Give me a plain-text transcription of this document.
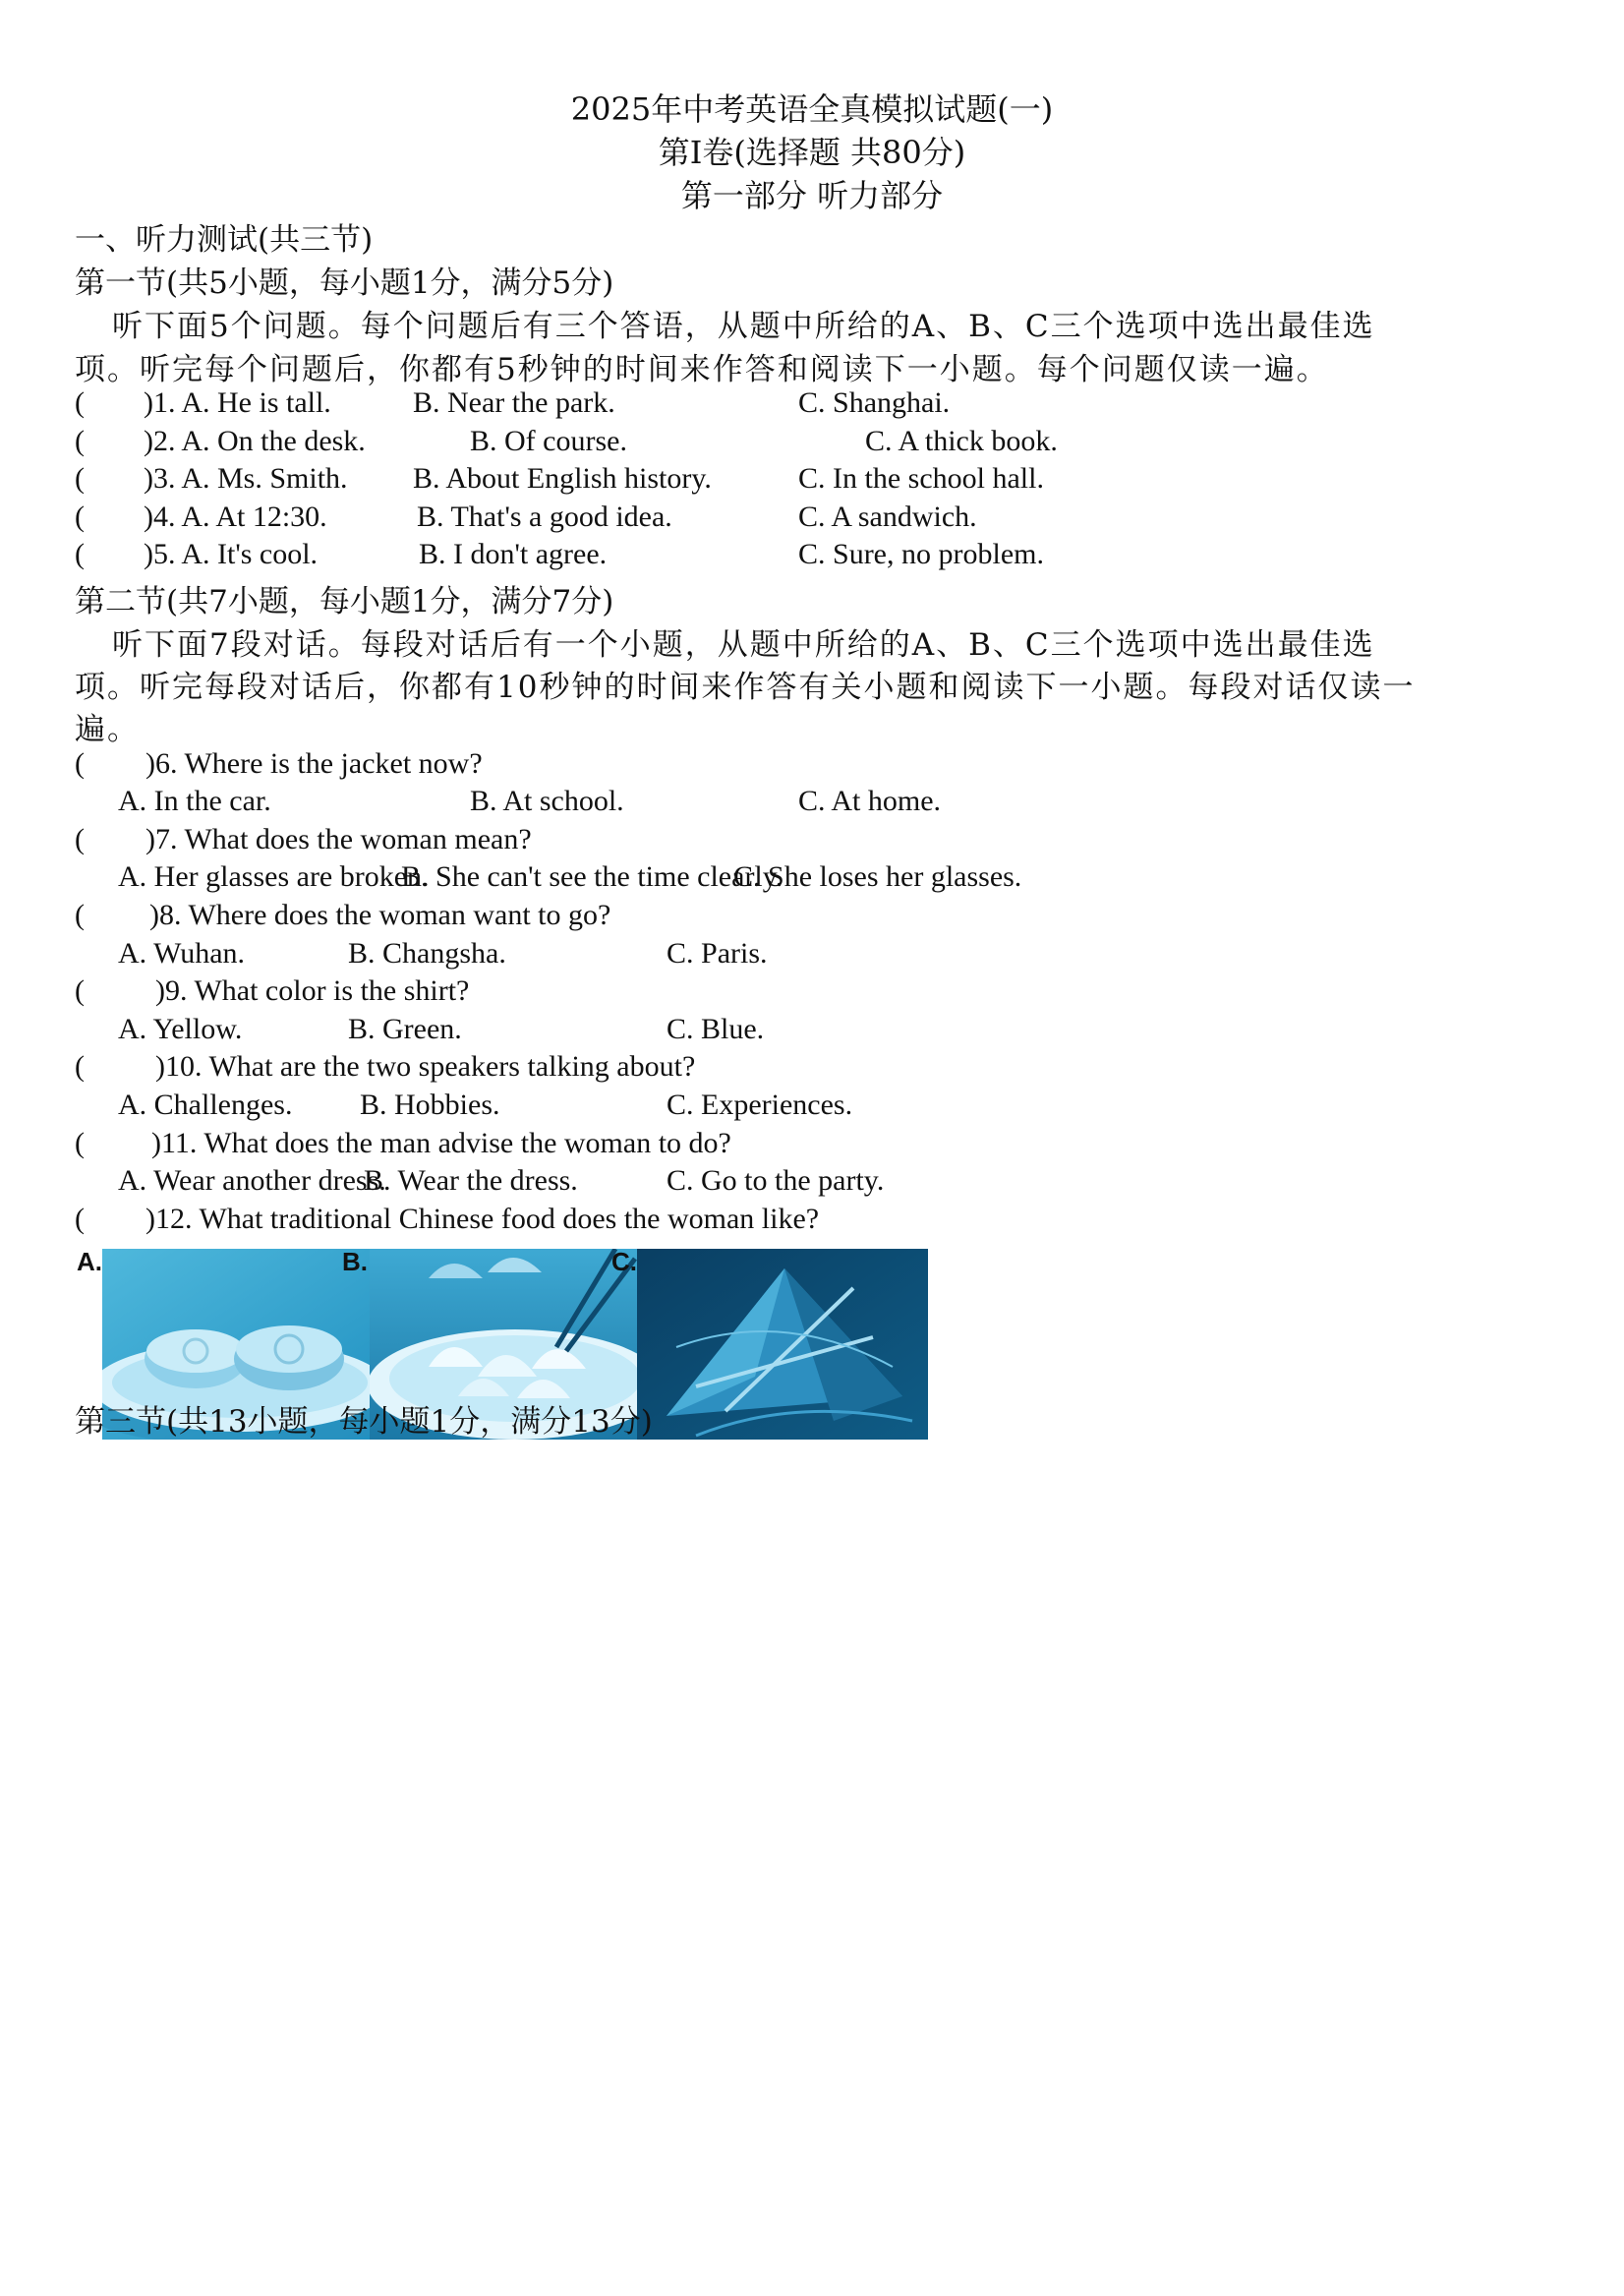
2025年中考英语全真模拟试题(一)
第Ⅰ卷(选择题 共80分)
第一部分 听力部分
一、听力测试(共三节)
第一节(共5小题，每小题1分，满分5分)
听下面5个问题。每个问题后有三个答语，从题中所给的A、B、C三个选项中选出最佳选
项。听完每个问题后，你都有5秒钟的时间来作答和阅读下一小题。每个问题仅读一遍。
( )1. A. He is tall.	B. Near the park.	C. Shanghai.
( )2. A. On the desk.	B. Of course.	C. A thick book.
( )3. A. Ms. Smith. B. About English history.	C. In the school hall.
( )4. A. At 12:30.	B. That's a good idea.	C. A sandwich.
( )5. A. It's cool.	B. I don't agree.	C. Sure, no problem.
第二节(共7小题，每小题1分，满分7分)
听下面7段对话。每段对话后有一个小题，从题中所给的A、B、C三个选项中选出最佳选
项。听完每段对话后，你都有10秒钟的时间来作答有关小题和阅读下一小题。每段对话仅读一
遍。
( )6. Where is the jacket now?
A. In the car.	B. At school.	C. At home.
( )7. What does the woman mean?
A. Her glasses are broken.
B. She can't see the time clearly.
C. She loses her glasses.
( )8. Where does the woman want to go?
A. Wuhan.	B. Changsha.	C. Paris.
( )9. What color is the shirt?
A. Yellow.	B. Green.	C. Blue.
( )10. What are the two speakers talking about?
A. Challenges. B. Hobbies.	C. Experiences.
( )11. What does the man advise the woman to do?
A. Wear another dress.
B. Wear the dress.	C. Go to the party.
( )12. What traditional Chinese food does the woman like?
A.	B.	C.
第三节(共13小题，每小题1分，满分13分)
